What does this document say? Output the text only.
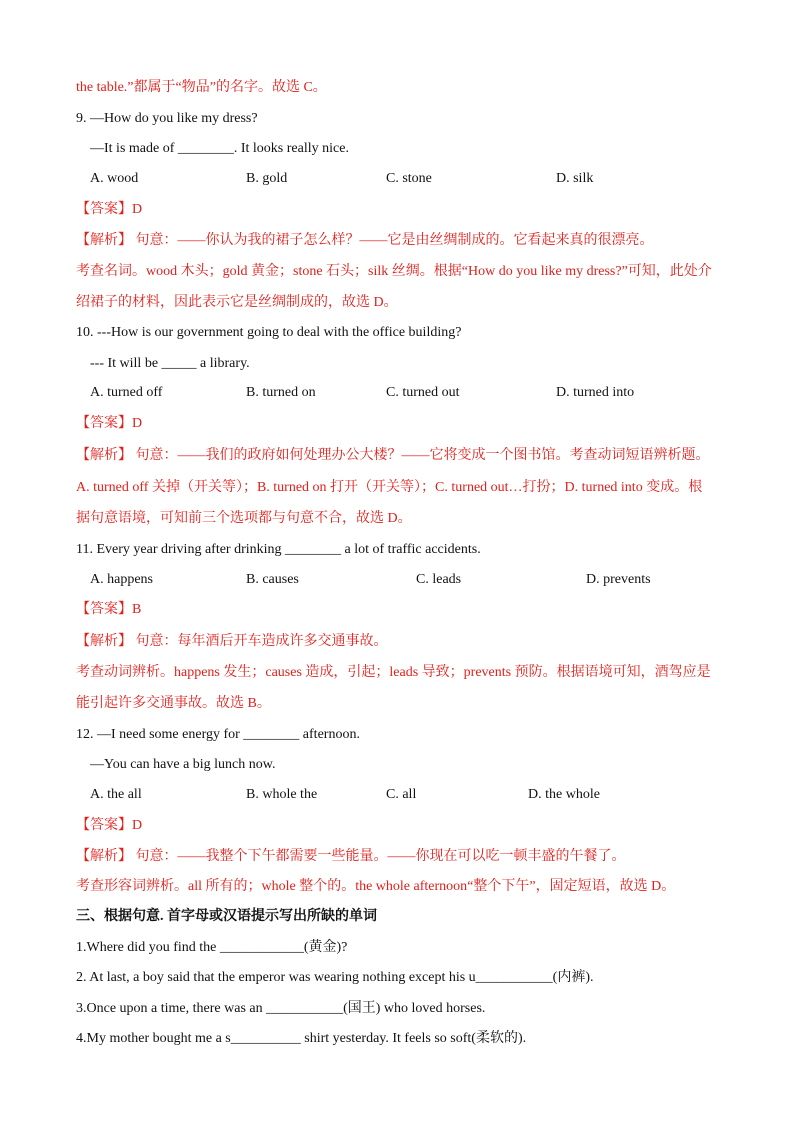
the table.”都属于“物品”的名字。故选 C。
9. —How do you like my dress?
—It is made of ________. It looks really nice.
A. wood	B. gold	C. stone	D. silk
【答案】D
【解析】 句意：——你认为我的裙子怎么样？——它是由丝绸制成的。它看起来真的很漂亮。
考查名词。wood 木头；gold 黄金；stone 石头；silk 丝绸。根据“How do you like my dress?”可知，此处介
绍裙子的材料，因此表示它是丝绸制成的，故选 D。
10. ---How is our government going to deal with the office building?
--- It will be _____ a library.
A. turned off	B. turned on	C. turned out	D. turned into
【答案】D
【解析】 句意：——我们的政府如何处理办公大楼？——它将变成一个图书馆。考查动词短语辨析题。
A. turned off 关掉（开关等）；B. turned on 打开（开关等）；C. turned out…打扮；D. turned into 变成。根
据句意语境，可知前三个选项都与句意不合，故选 D。
11. Every year driving after drinking ________ a lot of traffic accidents.
A. happens	B. causes	C. leads	D. prevents
【答案】B
【解析】 句意：每年酒后开车造成许多交通事故。
考查动词辨析。happens 发生；causes 造成，引起；leads 导致；prevents 预防。根据语境可知，酒驾应是
能引起许多交通事故。故选 B。
12. —I need some energy for ________ afternoon.
—You can have a big lunch now.
A. the all	B. whole the	C. all	D. the whole
【答案】D
【解析】 句意：——我整个下午都需要一些能量。——你现在可以吃一顿丰盛的午餐了。
考查形容词辨析。all 所有的；whole 整个的。the whole afternoon“整个下午”，固定短语，故选 D。
三、根据句意. 首字母或汉语提示写出所缺的单词
1.Where did you find the ____________(黄金)?
2. At last, a boy said that the emperor was wearing nothing except his u___________(内裤).
3.Once upon a time, there was an ___________(国王) who loved horses.
4.My mother bought me a s__________ shirt yesterday. It feels so soft(柔软的).
